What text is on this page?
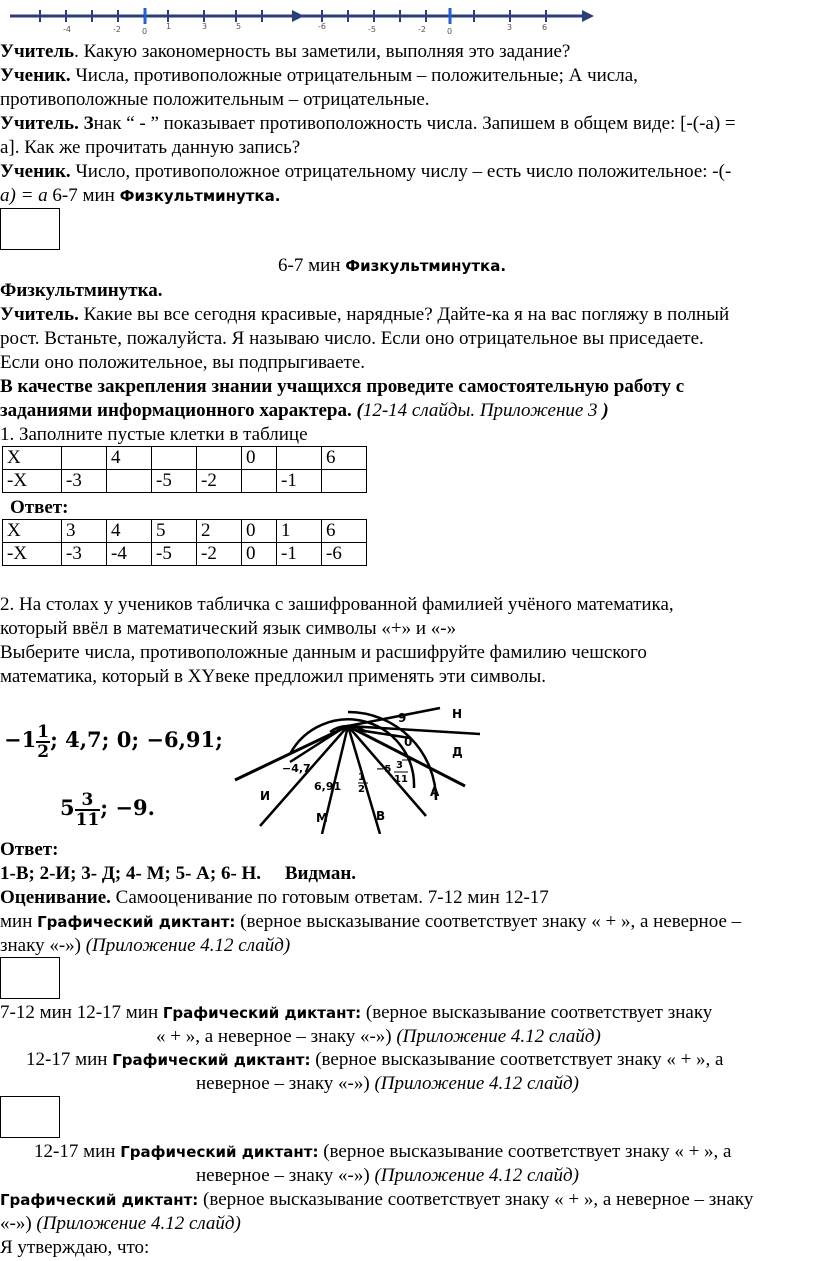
-4	-2	0
1	3	5	-6	-5	-2	0	3	6
Учитель. Какую закономерность вы заметили, выполняя это задание?
Ученик. Числа, противоположные отрицательным – положительные; А числа,
противоположные положительным – отрицательные.
Учитель. Знак “ - ” показывает противоположность числа. Запишем в общем виде: [-(-а) =
а]. Как же прочитать данную запись?
Ученик. Число, противоположное отрицательному числу – есть число положительное: -(-
а) = а 6-7 мин Физкультминутка.
6-7 мин Физкультминутка.
Физкультминутка.
Учитель. Какие вы все сегодня красивые, нарядные? Дайте-ка я на вас погляжу в полный
рост. Встаньте, пожалуйста. Я называю число. Если оно отрицательное вы приседаете.
Если оно положительное, вы подпрыгиваете.
В качестве закрепления знании учащихся проведите самостоятельную работу с
заданиями информационного характера. (12-14 слайды. Приложение 3 )
1. Заполните пустые клетки в таблице
X		4			0		6
-X	-3		-5	-2		-1	
Ответ:
X	3	4	5	2	0	1	6
-X	-3	-4	-5	-2	0	-1	-6
2. На столах у учеников табличка с зашифрованной фамилией учёного математика,
который ввёл в математический язык символы «+» и «-»
Выберите числа, противоположные данным и расшифруйте фамилию чешского
математика, который в XYвеке предложил применять эти символы.
$-1 \frac{1}{2}$ ; 4,7; 0; −6,91;
$5 \frac{3}{11}$ ; −9.
9
0
−4,7
6,91
1
2
−5 3
11
Н
Д
А
В
М
И
Ответ:
1-В; 2-И; 3- Д; 4- М; 5- А; 6- Н. Видман.
Оценивание. Самооценивание по готовым ответам. 7-12 мин 12-17
мин Графический диктант: (верное высказывание соответствует знаку « + », а неверное –
знаку «-») (Приложение 4.12 слайд)
7-12 мин 12-17 мин Графический диктант: (верное высказывание соответствует знаку
« + », а неверное – знаку «-») (Приложение 4.12 слайд)
12-17 мин Графический диктант: (верное высказывание соответствует знаку « + », а
неверное – знаку «-») (Приложение 4.12 слайд)
12-17 мин Графический диктант: (верное высказывание соответствует знаку « + », а
неверное – знаку «-») (Приложение 4.12 слайд)
Графический диктант: (верное высказывание соответствует знаку « + », а неверное – знаку
«-») (Приложение 4.12 слайд)
Я утверждаю, что:
